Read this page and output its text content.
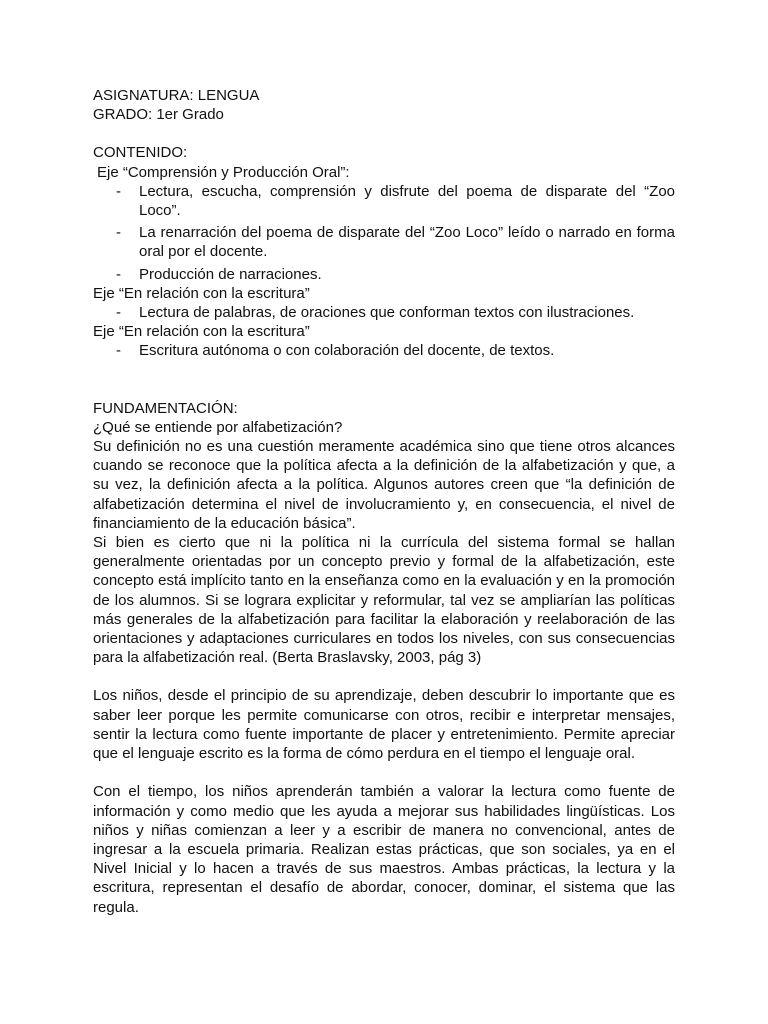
ASIGNATURA: LENGUA

GRADO: 1er Grado

CONTENIDO:

Eje “Comprensión y Producción Oral”:

- Lectura, escucha, comprensión y disfrute del poema de disparate del “Zoo Loco”.
- La renarración del poema de disparate del “Zoo Loco” leído o narrado en forma oral por el docente.
- Producción de narraciones.

Eje “En relación con la escritura”

- Lectura de palabras, de oraciones que conforman textos con ilustraciones.

Eje “En relación con la escritura”

- Escritura autónoma o con colaboración del docente, de textos.

FUNDAMENTACIÓN:

¿Qué se entiende por alfabetización?

Su definición no es una cuestión meramente académica sino que tiene otros alcances cuando se reconoce que la política afecta a la definición de la alfabetización y que, a su vez, la definición afecta a la política. Algunos autores creen que “la definición de alfabetización determina el nivel de involucramiento y, en consecuencia, el nivel de financiamiento de la educación básica”.

Si bien es cierto que ni la política ni la currícula del sistema formal se hallan generalmente orientadas por un concepto previo y formal de la alfabetización, este concepto está implícito tanto en la enseñanza como en la evaluación y en la promoción de los alumnos. Si se lograra explicitar y reformular, tal vez se ampliarían las políticas más generales de la alfabetización para facilitar la elaboración y reelaboración de las orientaciones y adaptaciones curriculares en todos los niveles, con sus consecuencias para la alfabetización real. (Berta Braslavsky, 2003, pág 3)

Los niños, desde el principio de su aprendizaje, deben descubrir lo importante que es saber leer porque les permite comunicarse con otros, recibir e interpretar mensajes, sentir la lectura como fuente importante de placer y entretenimiento. Permite apreciar que el lenguaje escrito es la forma de cómo perdura en el tiempo el lenguaje oral.

Con el tiempo, los niños aprenderán también a valorar la lectura como fuente de información y como medio que les ayuda a mejorar sus habilidades lingüísticas. Los niños y niñas comienzan a leer y a escribir de manera no convencional, antes de ingresar a la escuela primaria. Realizan estas prácticas, que son sociales, ya en el Nivel Inicial y lo hacen a través de sus maestros. Ambas prácticas, la lectura y la escritura, representan el desafío de abordar, conocer, dominar, el sistema que las regula.
